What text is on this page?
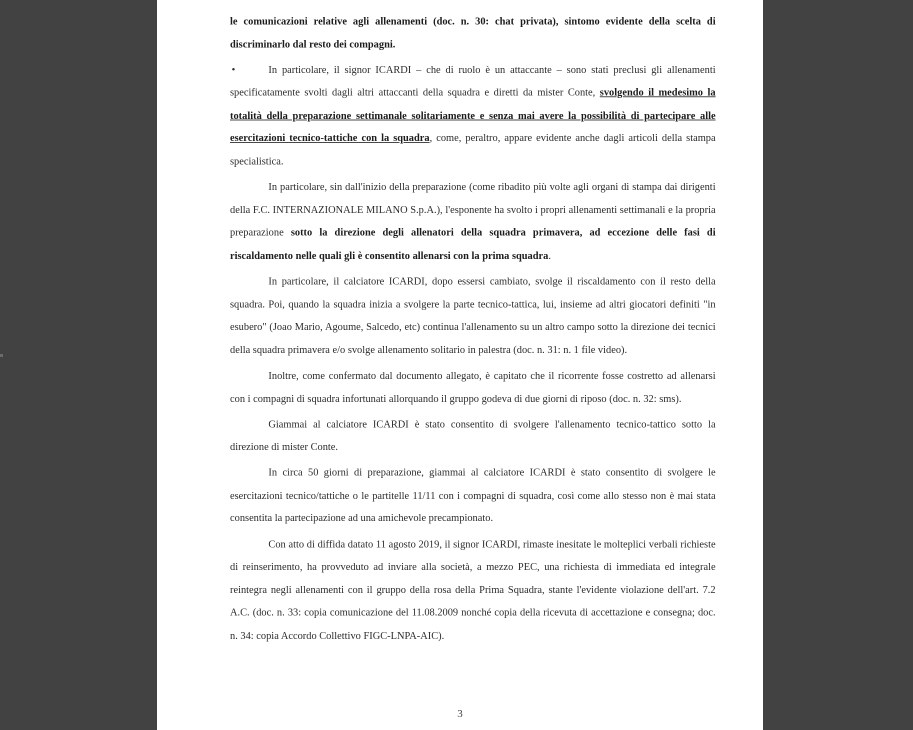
le comunicazioni relative agli allenamenti (doc. n. 30: chat privata), sintomo evidente della scelta di discriminarlo dal resto dei compagni.

•	In particolare, il signor ICARDI – che di ruolo è un attaccante – sono stati preclusi gli allenamenti specificatamente svolti dagli altri attaccanti della squadra e diretti da mister Conte, svolgendo il medesimo la totalità della preparazione settimanale solitariamente e senza mai avere la possibilità di partecipare alle esercitazioni tecnico-tattiche con la squadra, come, peraltro, appare evidente anche dagli articoli della stampa specialistica.

In particolare, sin dall'inizio della preparazione (come ribadito più volte agli organi di stampa dai dirigenti della F.C. INTERNAZIONALE MILANO S.p.A.), l'esponente ha svolto i propri allenamenti settimanali e la propria preparazione sotto la direzione degli allenatori della squadra primavera, ad eccezione delle fasi di riscaldamento nelle quali gli è consentito allenarsi con la prima squadra.

In particolare, il calciatore ICARDI, dopo essersi cambiato, svolge il riscaldamento con il resto della squadra. Poi, quando la squadra inizia a svolgere la parte tecnico-tattica, lui, insieme ad altri giocatori definiti "in esubero" (Joao Mario, Agoume, Salcedo, etc) continua l'allenamento su un altro campo sotto la direzione dei tecnici della squadra primavera e/o svolge allenamento solitario in palestra (doc. n. 31: n. 1 file video).

Inoltre, come confermato dal documento allegato, è capitato che il ricorrente fosse costretto ad allenarsi con i compagni di squadra infortunati allorquando il gruppo godeva di due giorni di riposo (doc. n. 32: sms).

Giammai al calciatore ICARDI è stato consentito di svolgere l'allenamento tecnico-tattico sotto la direzione di mister Conte.

In circa 50 giorni di preparazione, giammai al calciatore ICARDI è stato consentito di svolgere le esercitazioni tecnico/tattiche o le partitelle 11/11 con i compagni di squadra, così come allo stesso non è mai stata consentita la partecipazione ad una amichevole precampionato.

Con atto di diffida datato 11 agosto 2019, il signor ICARDI, rimaste inesitate le molteplici verbali richieste di reinserimento, ha provveduto ad inviare alla società, a mezzo PEC, una richiesta di immediata ed integrale reintegra negli allenamenti con il gruppo della rosa della Prima Squadra, stante l'evidente violazione dell'art. 7.2 A.C. (doc. n. 33: copia comunicazione del 11.08.2009 nonché copia della ricevuta di accettazione e consegna; doc. n. 34: copia Accordo Collettivo FIGC-LNPA-AIC).

3
